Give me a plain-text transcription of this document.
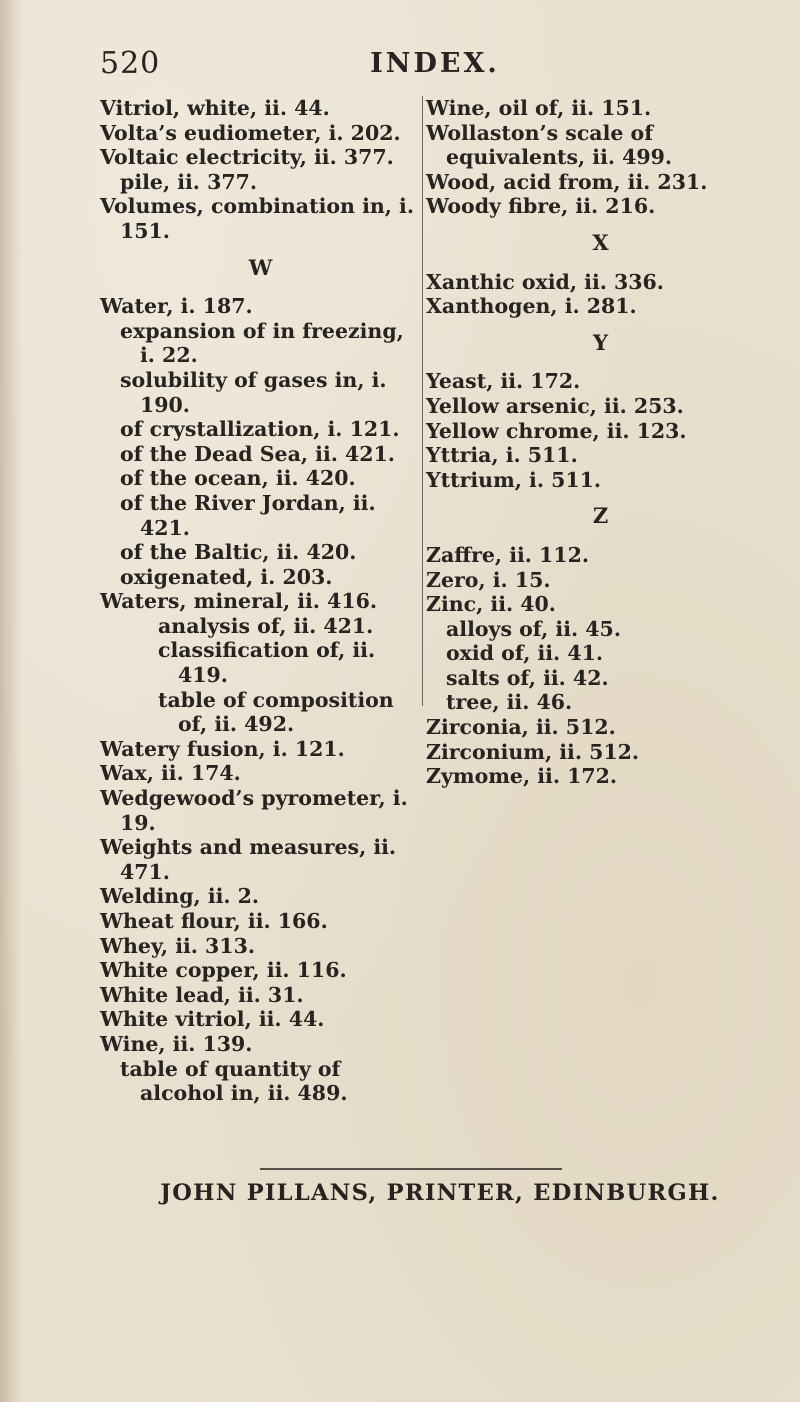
520	INDEX.
Vitriol, white, ii. 44.
Volta’s eudiometer, i. 202.
Voltaic electricity, ii. 377.
pile, ii. 377.
Volumes, combination in, i. 151.
W
Water, i. 187.
expansion of in freezing, i. 22.
solubility of gases in, i. 190.
of crystallization, i. 121.
of the Dead Sea, ii. 421.
of the ocean, ii. 420.
of the River Jordan, ii. 421.
of the Baltic, ii. 420.
oxigenated, i. 203.
Waters, mineral, ii. 416.
analysis of, ii. 421.
classification of, ii. 419.
table of composition of, ii. 492.
Watery fusion, i. 121.
Wax, ii. 174.
Wedgewood’s pyrometer, i. 19.
Weights and measures, ii. 471.
Welding, ii. 2.
Wheat flour, ii. 166.
Whey, ii. 313.
White copper, ii. 116.
White lead, ii. 31.
White vitriol, ii. 44.
Wine, ii. 139.
table of quantity of alcohol in, ii. 489.
Wine, oil of, ii. 151.
Wollaston’s scale of equivalents, ii. 499.
Wood, acid from, ii. 231.
Woody fibre, ii. 216.
X
Xanthic oxid, ii. 336.
Xanthogen, i. 281.
Y
Yeast, ii. 172.
Yellow arsenic, ii. 253.
Yellow chrome, ii. 123.
Yttria, i. 511.
Yttrium, i. 511.
Z
Zaffre, ii. 112.
Zero, i. 15.
Zinc, ii. 40.
alloys of, ii. 45.
oxid of, ii. 41.
salts of, ii. 42.
tree, ii. 46.
Zirconia, ii. 512.
Zirconium, ii. 512.
Zymome, ii. 172.
JOHN PILLANS, PRINTER, EDINBURGH.
